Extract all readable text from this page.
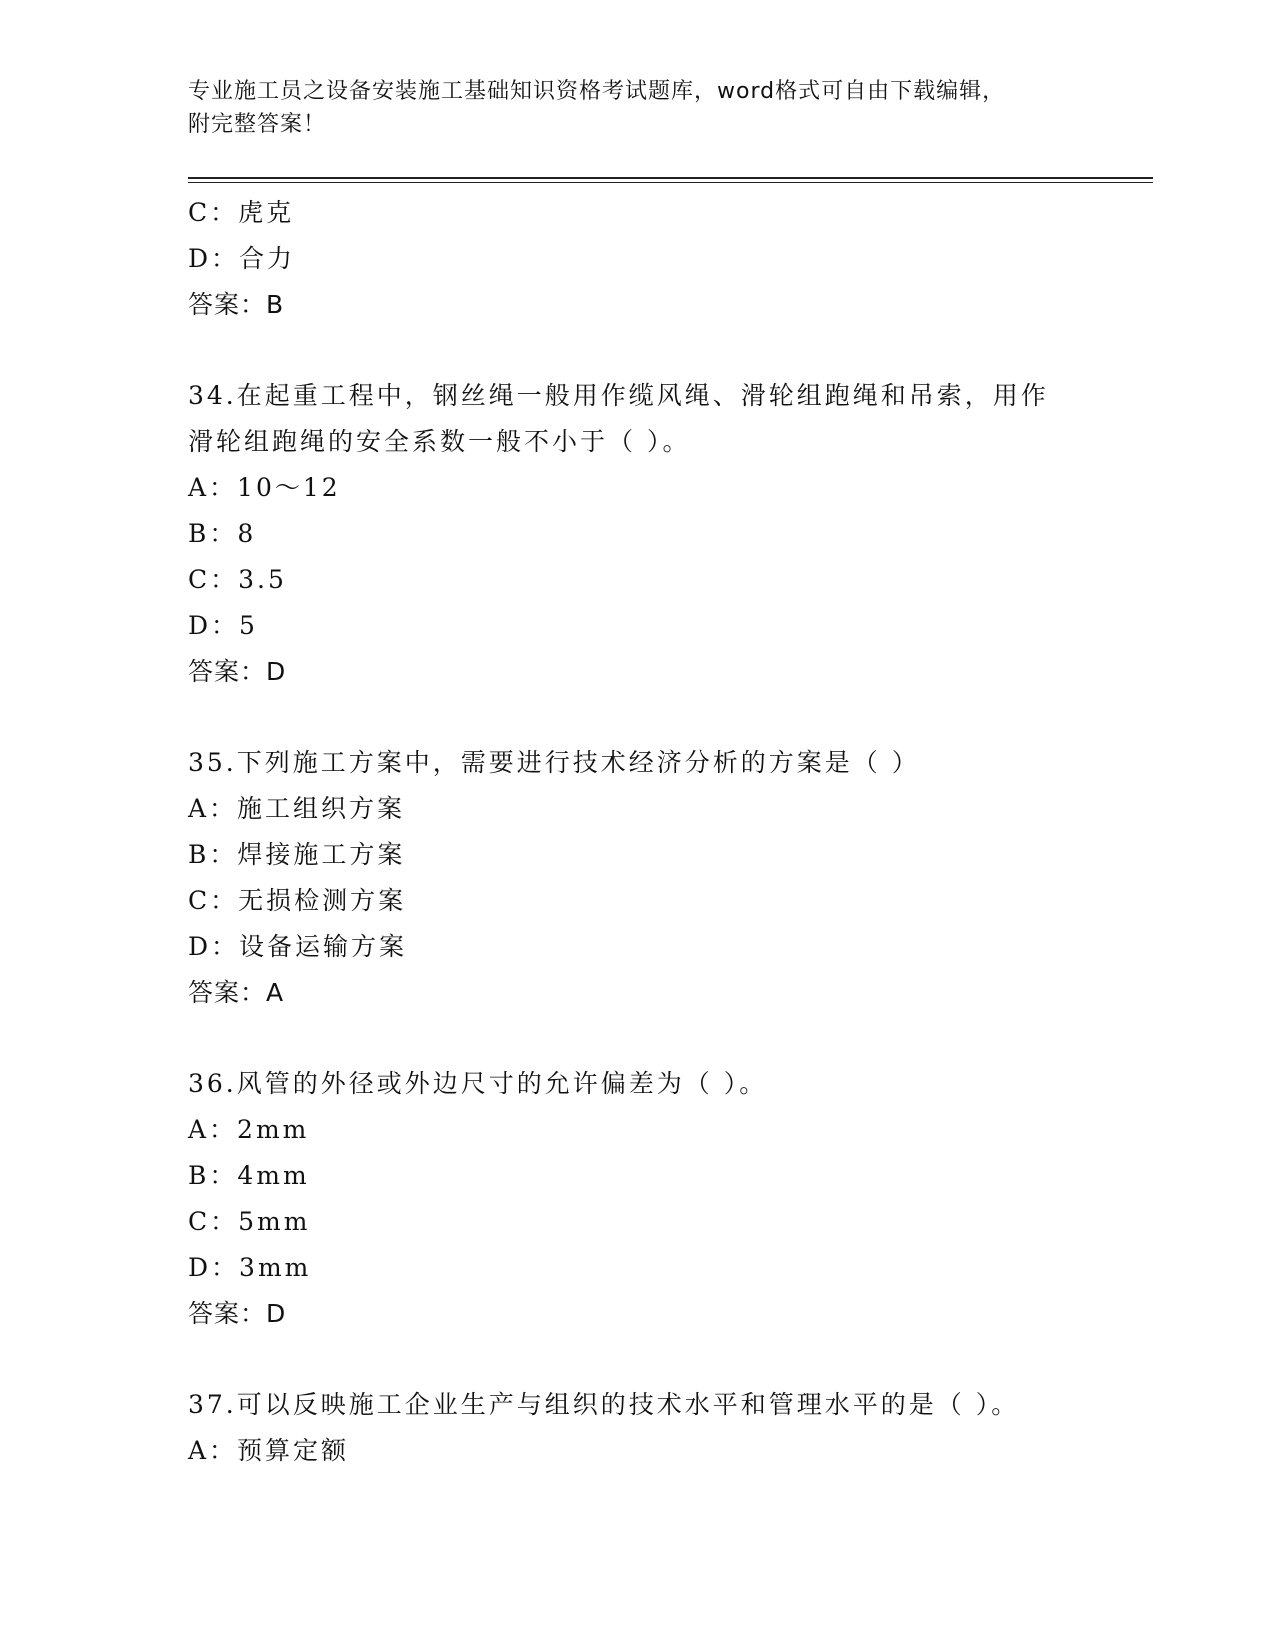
专业施工员之设备安装施工基础知识资格考试题库，word格式可自由下载编辑，
附完整答案！
C：虎克
D：合力
答案：B
34.在起重工程中，钢丝绳一般用作缆风绳、滑轮组跑绳和吊索，用作
滑轮组跑绳的安全系数一般不小于（ ）。
A：10～12
B：8
C：3.5
D：5
答案：D
35.下列施工方案中，需要进行技术经济分析的方案是（ ）
A：施工组织方案
B：焊接施工方案
C：无损检测方案
D：设备运输方案
答案：A
36.风管的外径或外边尺寸的允许偏差为（ ）。
A：2mm
B：4mm
C：5mm
D：3mm
答案：D
37.可以反映施工企业生产与组织的技术水平和管理水平的是（ ）。
A：预算定额
